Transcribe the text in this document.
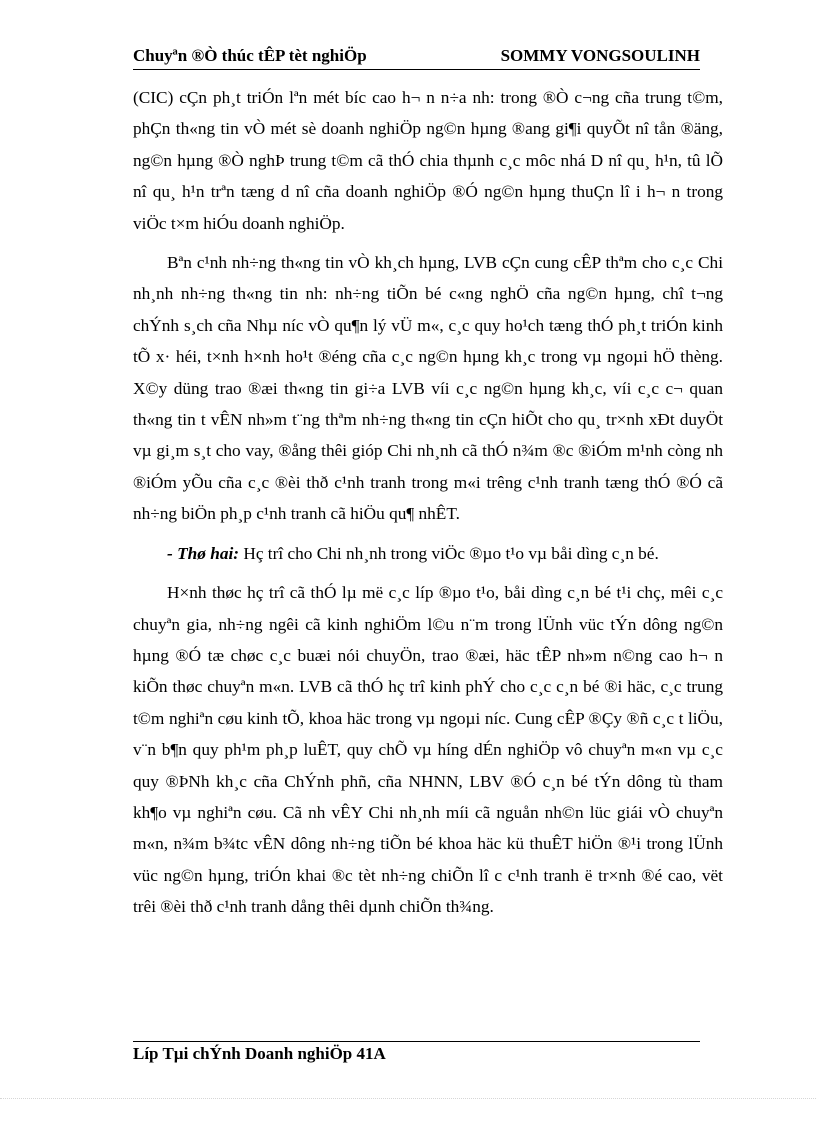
Chuyªn ®Ò thúc tÊP tèt nghiÖp	SOMMY VONGSOULINH

(CIC) cÇn ph¸t triÓn lªn mét bíc cao h¬ n n÷a nh: trong ®Ò c¬ng cña trung t©m, phÇn th«ng tin vÒ mét sè doanh nghiÖp ng©n hµng ®ang gi¶i quyÕt nî tån ®äng, ng©n hµng ®Ò nghÞ trung t©m cã thÓ chia thµnh c¸c môc nhá D nî qu¸ h¹n, tû lÕ nî qu¸ h¹n trªn tæng d nî cña doanh nghiÖp ®Ó ng©n hµng thuÇn lî i h¬ n trong viÖc t×m hiÓu doanh nghiÖp.

Bªn c¹nh nh÷ng th«ng tin vÒ kh¸ch hµng, LVB cÇn cung cÊP thªm cho c¸c Chi nh¸nh nh÷ng th«ng tin nh: nh÷ng tiÕn bé c«ng nghÖ cña ng©n hµng, chî t¬ng chÝnh s¸ch cña Nhµ níc vÒ qu¶n lý vÜ m«, c¸c quy ho¹ch tæng thÓ ph¸t triÓn kinh tÕ x· héi, t×nh h×nh ho¹t ®éng cña c¸c ng©n hµng kh¸c trong vµ ngoµi hÖ thèng. X©y düng trao ®æi th«ng tin gi÷a LVB víi c¸c ng©n hµng kh¸c, víi c¸c c¬ quan th«ng tin t vÊN nh»m t¨ng thªm nh÷ng th«ng tin cÇn hiÕt cho qu¸ tr×nh xÐt duyÖt vµ gi¸m s¸t cho vay, ®ång thêi gióp Chi nh¸nh cã thÓ n¾m ®c ®iÓm m¹nh còng nh ®iÓm yÕu cña c¸c ®èi thð c¹nh tranh trong m«i trêng c¹nh tranh tæng thÓ ®Ó cã nh÷ng biÖn ph¸p c¹nh tranh cã hiÖu qu¶ nhÊT.

- Thø hai: Hç trî cho Chi nh¸nh trong viÖc ®µo t¹o vµ båi dìng c¸n bé.

H×nh thøc hç trî cã thÓ lµ më c¸c líp ®µo t¹o, båi dìng c¸n bé t¹i chç, mêi c¸c chuyªn gia, nh÷ng ngêi cã kinh nghiÖm l©u n¨m trong lÜnh vüc tÝn dông ng©n hµng ®Ó tæ chøc c¸c buæi nói chuyÖn, trao ®æi, häc tÊP nh»m n©ng cao h¬ n kiÕn thøc chuyªn m«n. LVB cã thÓ hç trî kinh phÝ cho c¸c c¸n bé ®i häc, c¸c trung t©m nghiªn cøu kinh tÕ, khoa häc trong vµ ngoµi níc. Cung cÊP ®Çy ®ñ c¸c t liÖu, v¨n b¶n quy ph¹m ph¸p luÊT, quy chÕ vµ híng dÉn nghiÖp vô chuyªn m«n vµ c¸c quy ®ÞNh kh¸c cña ChÝnh phñ, cña NHNN, LBV ®Ó c¸n bé tÝn dông tù tham kh¶o vµ nghiªn cøu. Cã nh vÊY Chi nh¸nh míi cã nguån nh©n lüc giái vÒ chuyªn m«n, n¾m b¾tc vÊN dông nh÷ng tiÕn bé khoa häc kü thuÊT hiÖn ®¹i trong lÜnh vüc ng©n hµng, triÓn khai ®c tèt nh÷ng chiÕn lî c c¹nh tranh ë tr×nh ®é cao, vët trêi ®èi thð c¹nh tranh dång thêi dµnh chiÕn th¾ng.

Líp Tµi chÝnh Doanh nghiÖp 41A
